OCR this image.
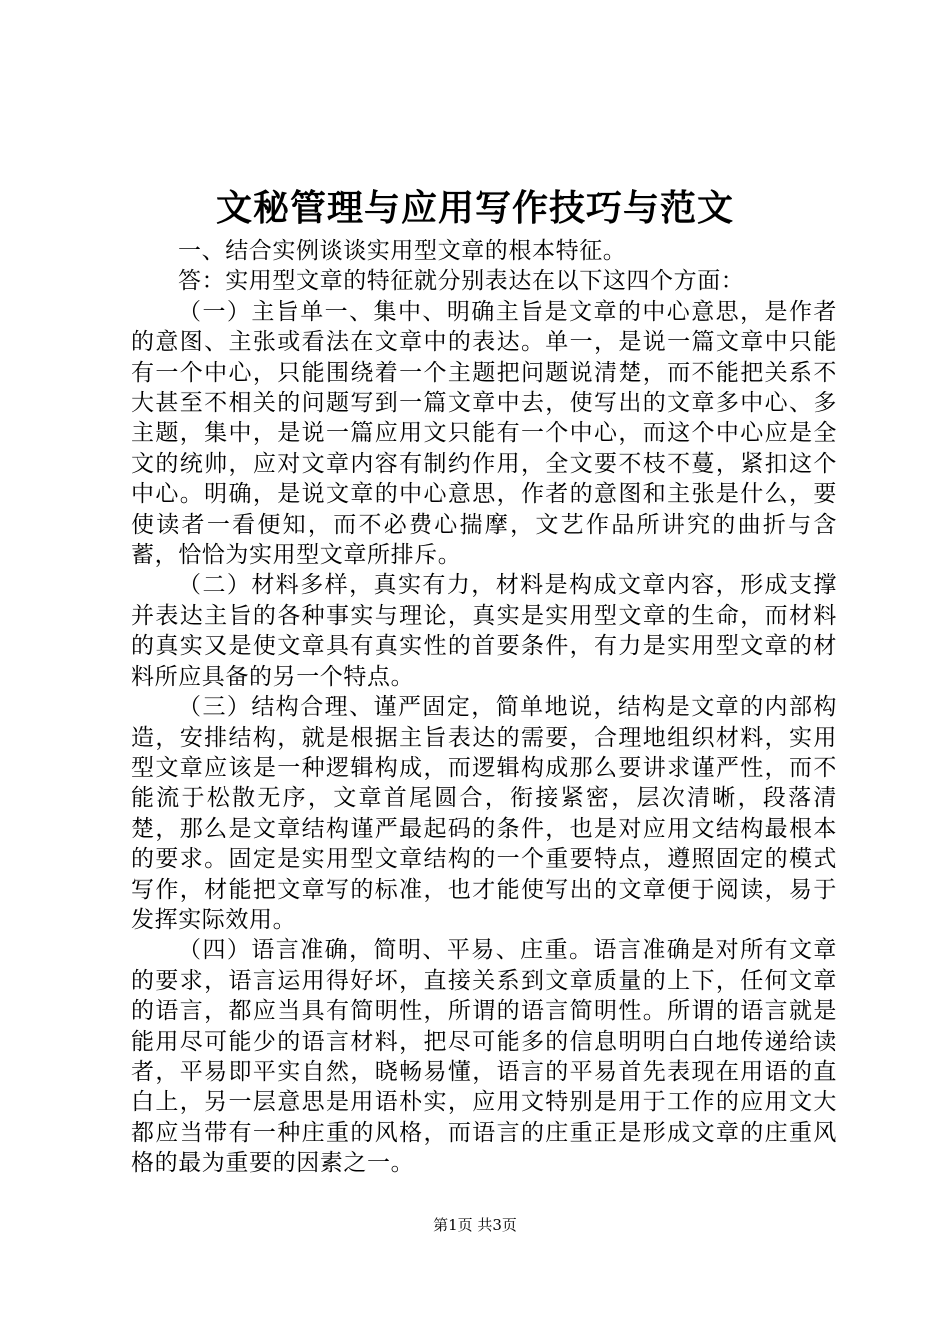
文秘管理与应用写作技巧与范文

一、结合实例谈谈实用型文章的根本特征。

答：实用型文章的特征就分别表达在以下这四个方面：

（一）主旨单一、集中、明确主旨是文章的中心意思，是作者的意图、主张或看法在文章中的表达。单一，是说一篇文章中只能有一个中心，只能围绕着一个主题把问题说清楚，而不能把关系不大甚至不相关的问题写到一篇文章中去，使写出的文章多中心、多主题，集中，是说一篇应用文只能有一个中心，而这个中心应是全文的统帅，应对文章内容有制约作用，全文要不枝不蔓，紧扣这个中心。明确，是说文章的中心意思，作者的意图和主张是什么，要使读者一看便知，而不必费心揣摩，文艺作品所讲究的曲折与含蓄，恰恰为实用型文章所排斥。

（二）材料多样，真实有力，材料是构成文章内容，形成支撑并表达主旨的各种事实与理论，真实是实用型文章的生命，而材料的真实又是使文章具有真实性的首要条件，有力是实用型文章的材料所应具备的另一个特点。

（三）结构合理、谨严固定，简单地说，结构是文章的内部构造，安排结构，就是根据主旨表达的需要，合理地组织材料，实用型文章应该是一种逻辑构成，而逻辑构成那么要讲求谨严性，而不能流于松散无序，文章首尾圆合，衔接紧密，层次清晰，段落清楚，那么是文章结构谨严最起码的条件，也是对应用文结构最根本的要求。固定是实用型文章结构的一个重要特点，遵照固定的模式写作，材能把文章写的标准，也才能使写出的文章便于阅读，易于发挥实际效用。

（四）语言准确，简明、平易、庄重。语言准确是对所有文章的要求，语言运用得好坏，直接关系到文章质量的上下，任何文章的语言，都应当具有简明性，所谓的语言简明性。所谓的语言就是能用尽可能少的语言材料，把尽可能多的信息明明白白地传递给读者，平易即平实自然，晓畅易懂，语言的平易首先表现在用语的直白上，另一层意思是用语朴实，应用文特别是用于工作的应用文大都应当带有一种庄重的风格，而语言的庄重正是形成文章的庄重风格的最为重要的因素之一。

第1页 共3页
